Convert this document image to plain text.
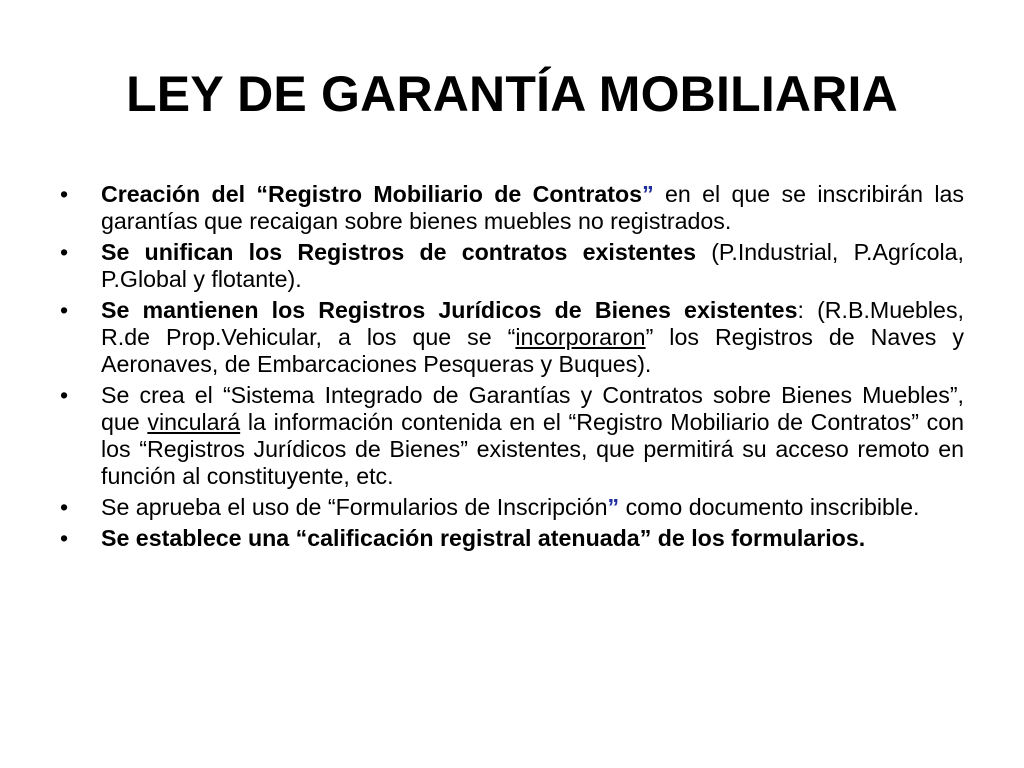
LEY DE GARANTÍA MOBILIARIA
•	Creación del “Registro Mobiliario de Contratos” en el que se inscribirán las garantías que recaigan sobre bienes muebles no registrados.
•	Se unifican los Registros de contratos existentes (P.Industrial, P.Agrícola, P.Global y flotante).
•	Se mantienen los Registros Jurídicos de Bienes existentes: (R.B.Muebles, R.de Prop.Vehicular, a los que se “incorporaron” los Registros de Naves y Aeronaves, de Embarcaciones Pesqueras y Buques).
•	Se crea el “Sistema Integrado de Garantías y Contratos sobre Bienes Muebles”, que vinculará la información contenida en el “Registro Mobiliario de Contratos” con los “Registros Jurídicos de Bienes” existentes, que permitirá su acceso remoto en función al constituyente, etc.
•	Se aprueba el uso de “Formularios de Inscripción” como documento inscribible.
•	Se establece una “calificación registral atenuada” de los formularios.
